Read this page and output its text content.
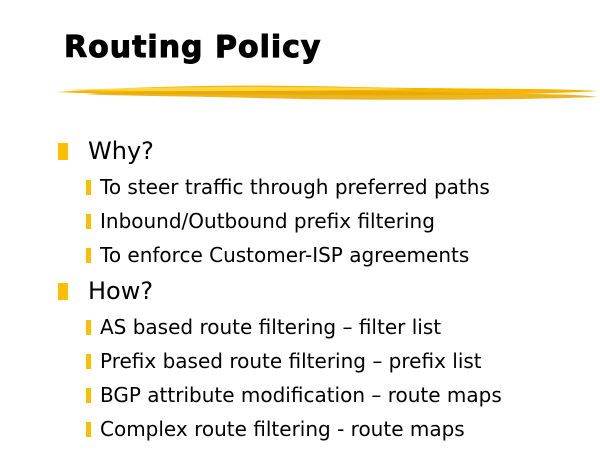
Routing Policy
Why?
To steer traffic through preferred paths
Inbound/Outbound prefix filtering
To enforce Customer-ISP agreements
How?
AS based route filtering – filter list
Prefix based route filtering – prefix list
BGP attribute modification – route maps
Complex route filtering - route maps
